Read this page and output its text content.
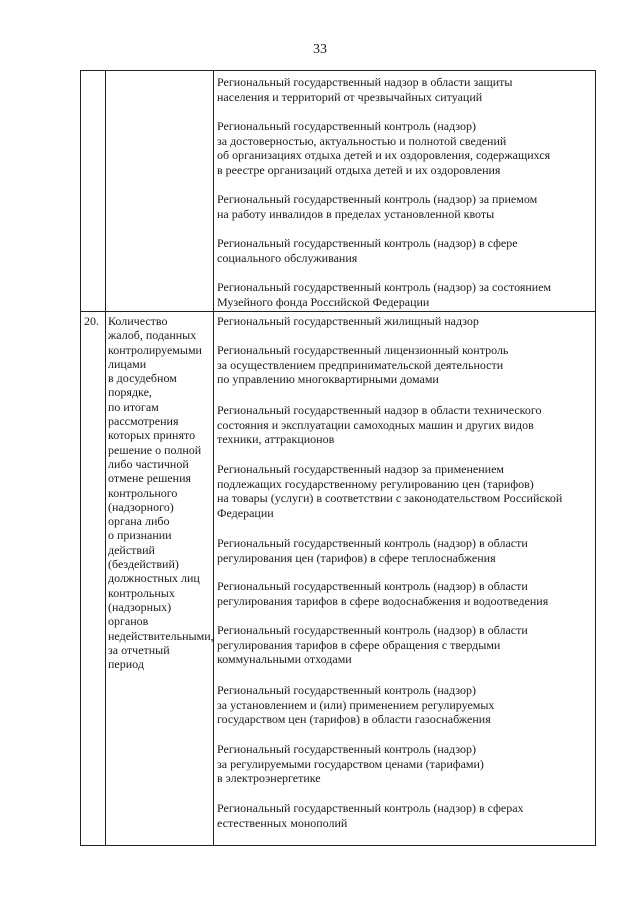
33
Региональный государственный надзор в области защиты
населения и территорий от чрезвычайных ситуаций
Региональный государственный контроль (надзор)
за достоверностью, актуальностью и полнотой сведений
об организациях отдыха детей и их оздоровления, содержащихся
в реестре организаций отдыха детей и их оздоровления
Региональный государственный контроль (надзор) за приемом
на работу инвалидов в пределах установленной квоты
Региональный государственный контроль (надзор) в сфере
социального обслуживания
Региональный государственный контроль (надзор) за состоянием
Музейного фонда Российской Федерации
20. Количество
жалоб, поданных
контролируемыми
лицами
в досудебном
порядке,
по итогам
рассмотрения
которых принято
решение о полной
либо частичной
отмене решения
контрольного
(надзорного)
органа либо
о признании
действий
(бездействий)
должностных лиц
контрольных
(надзорных)
органов
недействительными,
за отчетный
период
Региональный государственный жилищный надзор
Региональный государственный лицензионный контроль
за осуществлением предпринимательской деятельности
по управлению многоквартирными домами
Региональный государственный надзор в области технического
состояния и эксплуатации самоходных машин и других видов
техники, аттракционов
Региональный государственный надзор за применением
подлежащих государственному регулированию цен (тарифов)
на товары (услуги) в соответствии с законодательством Российской
Федерации
Региональный государственный контроль (надзор) в области
регулирования цен (тарифов) в сфере теплоснабжения
Региональный государственный контроль (надзор) в области
регулирования тарифов в сфере водоснабжения и водоотведения
Региональный государственный контроль (надзор) в области
регулирования тарифов в сфере обращения с твердыми
коммунальными отходами
Региональный государственный контроль (надзор)
за установлением и (или) применением регулируемых
государством цен (тарифов) в области газоснабжения
Региональный государственный контроль (надзор)
за регулируемыми государством ценами (тарифами)
в электроэнергетике
Региональный государственный контроль (надзор) в сферах
естественных монополий
